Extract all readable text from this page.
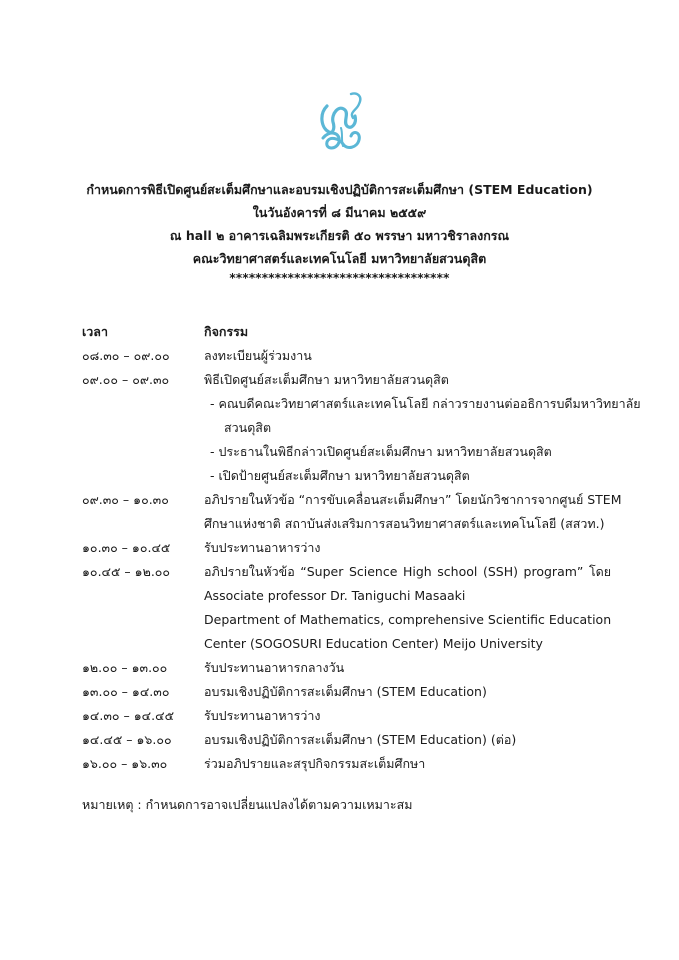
กำหนดการพิธีเปิดศูนย์สะเต็มศึกษาและอบรมเชิงปฏิบัติการสะเต็มศึกษา (STEM Education)
ในวันอังคารที่ ๘ มีนาคม ๒๕๕๙
ณ hall ๒ อาคารเฉลิมพระเกียรติ ๕๐ พรรษา มหาวชิราลงกรณ
คณะวิทยาศาสตร์และเทคโนโลยี มหาวิทยาลัยสวนดุสิต
**********************************
เวลา	กิจกรรม
๐๘.๓๐ – ๐๙.๐๐	ลงทะเบียนผู้ร่วมงาน
๐๙.๐๐ – ๐๙.๓๐	พิธีเปิดศูนย์สะเต็มศึกษา มหาวิทยาลัยสวนดุสิต
- คณบดีคณะวิทยาศาสตร์และเทคโนโลยี กล่าวรายงานต่ออธิการบดีมหาวิทยาลัย
สวนดุสิต
- ประธานในพิธีกล่าวเปิดศูนย์สะเต็มศึกษา มหาวิทยาลัยสวนดุสิต
- เปิดป้ายศูนย์สะเต็มศึกษา มหาวิทยาลัยสวนดุสิต
๐๙.๓๐ – ๑๐.๓๐	อภิปรายในหัวข้อ “การขับเคลื่อนสะเต็มศึกษา” โดยนักวิชาการจากศูนย์ STEM
ศึกษาแห่งชาติ สถาบันส่งเสริมการสอนวิทยาศาสตร์และเทคโนโลยี (สสวท.)
๑๐.๓๐ – ๑๐.๔๕	รับประทานอาหารว่าง
๑๐.๔๕ – ๑๒.๐๐	อภิปรายในหัวข้อ “Super Science High school (SSH) program” โดย
Associate professor Dr. Taniguchi Masaaki
Department of Mathematics, comprehensive Scientific Education
Center (SOGOSURI Education Center) Meijo University
๑๒.๐๐ – ๑๓.๐๐	รับประทานอาหารกลางวัน
๑๓.๐๐ – ๑๔.๓๐	อบรมเชิงปฏิบัติการสะเต็มศึกษา (STEM Education)
๑๔.๓๐ – ๑๔.๔๕	รับประทานอาหารว่าง
๑๔.๔๕ – ๑๖.๐๐	อบรมเชิงปฏิบัติการสะเต็มศึกษา (STEM Education) (ต่อ)
๑๖.๐๐ – ๑๖.๓๐	ร่วมอภิปรายและสรุปกิจกรรมสะเต็มศึกษา
หมายเหตุ : กำหนดการอาจเปลี่ยนแปลงได้ตามความเหมาะสม
